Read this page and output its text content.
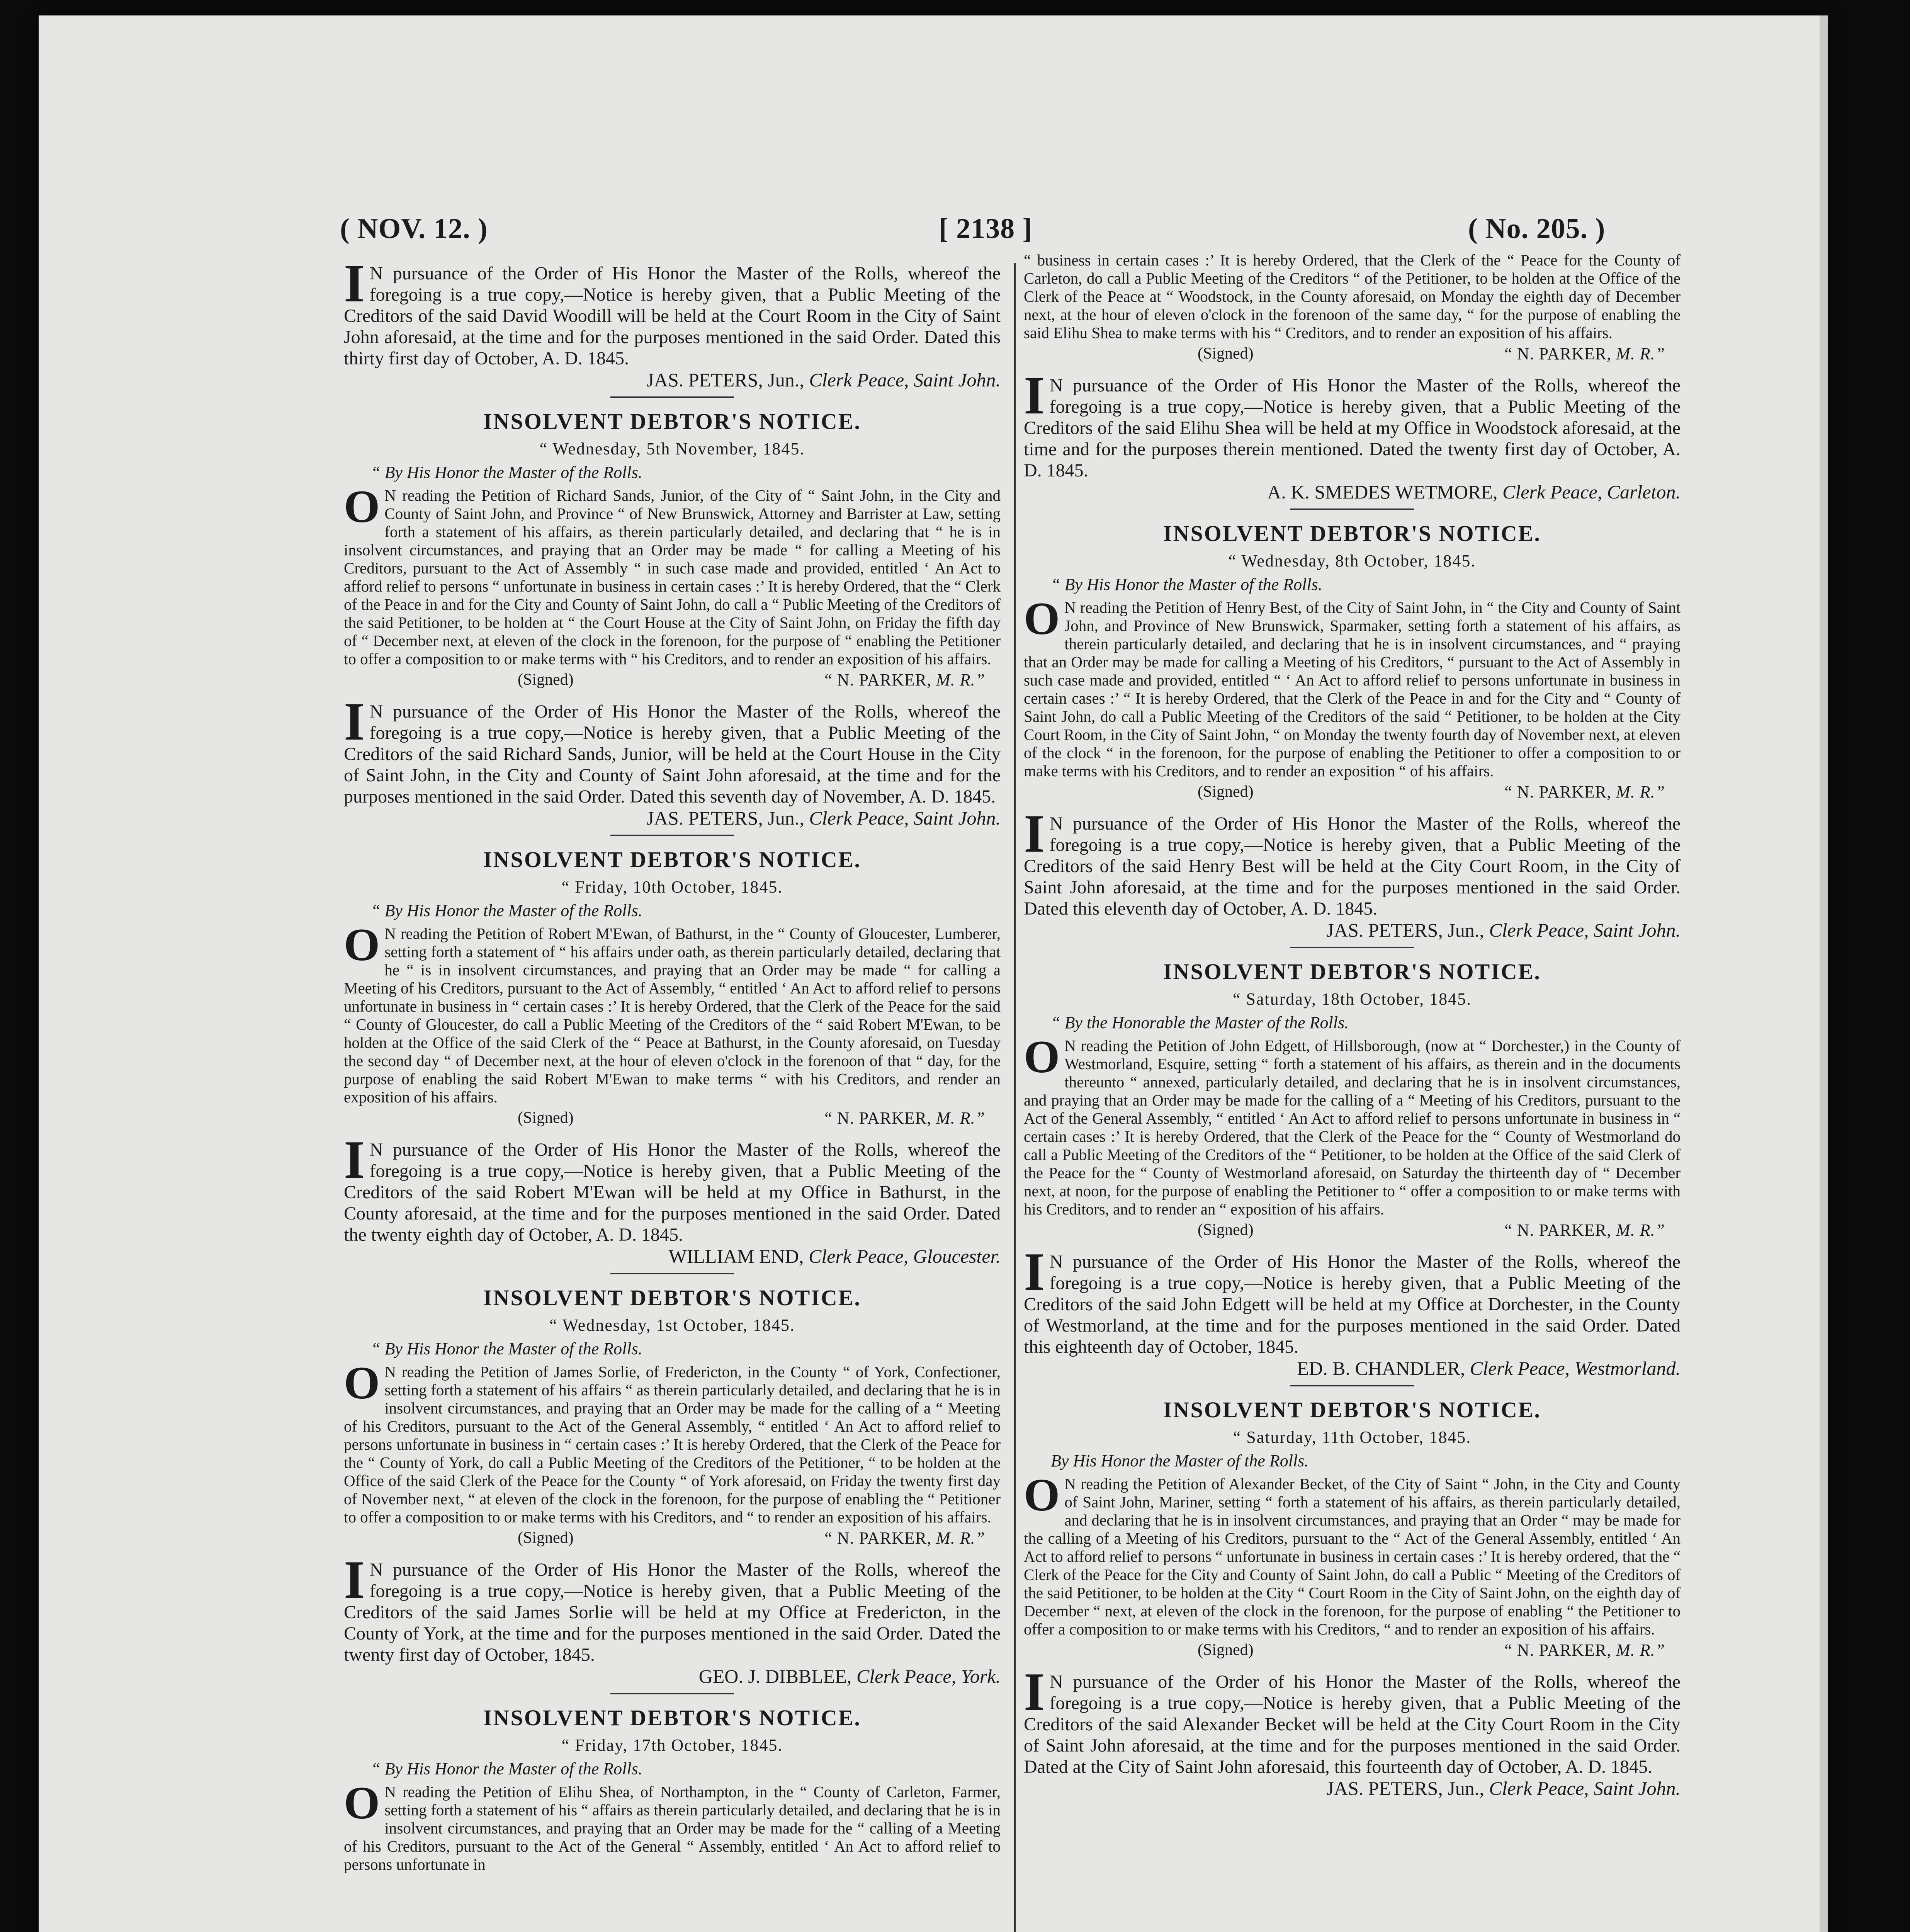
( NOV. 12. )	[ 2138 ]	( No. 205. )
IN pursuance of the Order of His Honor the Master of the Rolls, whereof the foregoing is a true copy,—Notice is hereby given, that a Public Meeting of the Creditors of the said David Woodill will be held at the Court Room in the City of Saint John aforesaid, at the time and for the purposes mentioned in the said Order. Dated this thirty first day of October, A. D. 1845.
JAS. PETERS, Jun., Clerk Peace, Saint John.
INSOLVENT DEBTOR'S NOTICE.
“ Wednesday, 5th November, 1845.
“ By His Honor the Master of the Rolls.
O N reading the Petition of Richard Sands, Junior, of the City of “ Saint John, in the City and County of Saint John, and Province “ of New Brunswick, Attorney and Barrister at Law, setting forth a statement of his affairs, as therein particularly detailed, and declaring that “ he is in insolvent circumstances, and praying that an Order may be made “ for calling a Meeting of his Creditors, pursuant to the Act of Assembly “ in such case made and provided, entitled ‘ An Act to afford relief to persons “ unfortunate in business in certain cases :’ It is hereby Ordered, that the “ Clerk of the Peace in and for the City and County of Saint John, do call a “ Public Meeting of the Creditors of the said Petitioner, to be holden at “ the Court House at the City of Saint John, on Friday the fifth day of “ December next, at eleven of the clock in the forenoon, for the purpose of “ enabling the Petitioner to offer a composition to or make terms with “ his Creditors, and to render an exposition of his affairs.
(Signed)	“ N. PARKER, M. R.”
IN pursuance of the Order of His Honor the Master of the Rolls, whereof the foregoing is a true copy,—Notice is hereby given, that a Public Meeting of the Creditors of the said Richard Sands, Junior, will be held at the Court House in the City of Saint John, in the City and County of Saint John aforesaid, at the time and for the purposes mentioned in the said Order. Dated this seventh day of November, A. D. 1845.
JAS. PETERS, Jun., Clerk Peace, Saint John.
INSOLVENT DEBTOR'S NOTICE.
“ Friday, 10th October, 1845.
“ By His Honor the Master of the Rolls.
O N reading the Petition of Robert M'Ewan, of Bathurst, in the “ County of Gloucester, Lumberer, setting forth a statement of “ his affairs under oath, as therein particularly detailed, declaring that he “ is in insolvent circumstances, and praying that an Order may be made “ for calling a Meeting of his Creditors, pursuant to the Act of Assembly, “ entitled ‘ An Act to afford relief to persons unfortunate in business in “ certain cases :’ It is hereby Ordered, that the Clerk of the Peace for the said “ County of Gloucester, do call a Public Meeting of the Creditors of the “ said Robert M'Ewan, to be holden at the Office of the said Clerk of the “ Peace at Bathurst, in the County aforesaid, on Tuesday the second day “ of December next, at the hour of eleven o'clock in the forenoon of that “ day, for the purpose of enabling the said Robert M'Ewan to make terms “ with his Creditors, and render an exposition of his affairs.
(Signed)	“ N. PARKER, M. R.”
IN pursuance of the Order of His Honor the Master of the Rolls, whereof the foregoing is a true copy,—Notice is hereby given, that a Public Meeting of the Creditors of the said Robert M'Ewan will be held at my Office in Bathurst, in the County aforesaid, at the time and for the purposes mentioned in the said Order. Dated the twenty eighth day of October, A. D. 1845.
WILLIAM END, Clerk Peace, Gloucester.
INSOLVENT DEBTOR'S NOTICE.
“ Wednesday, 1st October, 1845.
“ By His Honor the Master of the Rolls.
O N reading the Petition of James Sorlie, of Fredericton, in the County “ of York, Confectioner, setting forth a statement of his affairs “ as therein particularly detailed, and declaring that he is in insolvent circumstances, and praying that an Order may be made for the calling of a “ Meeting of his Creditors, pursuant to the Act of the General Assembly, “ entitled ‘ An Act to afford relief to persons unfortunate in business in “ certain cases :’ It is hereby Ordered, that the Clerk of the Peace for the “ County of York, do call a Public Meeting of the Creditors of the Petitioner, “ to be holden at the Office of the said Clerk of the Peace for the County “ of York aforesaid, on Friday the twenty first day of November next, “ at eleven of the clock in the forenoon, for the purpose of enabling the “ Petitioner to offer a composition to or make terms with his Creditors, and “ to render an exposition of his affairs.
(Signed)	“ N. PARKER, M. R.”
IN pursuance of the Order of His Honor the Master of the Rolls, whereof the foregoing is a true copy,—Notice is hereby given, that a Public Meeting of the Creditors of the said James Sorlie will be held at my Office at Fredericton, in the County of York, at the time and for the purposes mentioned in the said Order. Dated the twenty first day of October, 1845.
GEO. J. DIBBLEE, Clerk Peace, York.
INSOLVENT DEBTOR'S NOTICE.
“ Friday, 17th October, 1845.
“ By His Honor the Master of the Rolls.
O N reading the Petition of Elihu Shea, of Northampton, in the “ County of Carleton, Farmer, setting forth a statement of his “ affairs as therein particularly detailed, and declaring that he is in insolvent circumstances, and praying that an Order may be made for the “ calling of a Meeting of his Creditors, pursuant to the Act of the General “ Assembly, entitled ‘ An Act to afford relief to persons unfortunate in
“ business in certain cases :’ It is hereby Ordered, that the Clerk of the “ Peace for the County of Carleton, do call a Public Meeting of the Creditors “ of the Petitioner, to be holden at the Office of the Clerk of the Peace at “ Woodstock, in the County aforesaid, on Monday the eighth day of December next, at the hour of eleven o'clock in the forenoon of the same day, “ for the purpose of enabling the said Elihu Shea to make terms with his “ Creditors, and to render an exposition of his affairs.
(Signed)	“ N. PARKER, M. R.”
IN pursuance of the Order of His Honor the Master of the Rolls, whereof the foregoing is a true copy,—Notice is hereby given, that a Public Meeting of the Creditors of the said Elihu Shea will be held at my Office in Woodstock aforesaid, at the time and for the purposes therein mentioned. Dated the twenty first day of October, A. D. 1845.
A. K. SMEDES WETMORE, Clerk Peace, Carleton.
INSOLVENT DEBTOR'S NOTICE.
“ Wednesday, 8th October, 1845.
“ By His Honor the Master of the Rolls.
O N reading the Petition of Henry Best, of the City of Saint John, in “ the City and County of Saint John, and Province of New Brunswick, Sparmaker, setting forth a statement of his affairs, as therein particularly detailed, and declaring that he is in insolvent circumstances, and “ praying that an Order may be made for calling a Meeting of his Creditors, “ pursuant to the Act of Assembly in such case made and provided, entitled “ ‘ An Act to afford relief to persons unfortunate in business in certain cases :’ “ It is hereby Ordered, that the Clerk of the Peace in and for the City and “ County of Saint John, do call a Public Meeting of the Creditors of the said “ Petitioner, to be holden at the City Court Room, in the City of Saint John, “ on Monday the twenty fourth day of November next, at eleven of the clock “ in the forenoon, for the purpose of enabling the Petitioner to offer a composition to or make terms with his Creditors, and to render an exposition “ of his affairs.
(Signed)	“ N. PARKER, M. R.”
IN pursuance of the Order of His Honor the Master of the Rolls, whereof the foregoing is a true copy,—Notice is hereby given, that a Public Meeting of the Creditors of the said Henry Best will be held at the City Court Room, in the City of Saint John aforesaid, at the time and for the purposes mentioned in the said Order. Dated this eleventh day of October, A. D. 1845.
JAS. PETERS, Jun., Clerk Peace, Saint John.
INSOLVENT DEBTOR'S NOTICE.
“ Saturday, 18th October, 1845.
“ By the Honorable the Master of the Rolls.
O N reading the Petition of John Edgett, of Hillsborough, (now at “ Dorchester,) in the County of Westmorland, Esquire, setting “ forth a statement of his affairs, as therein and in the documents thereunto “ annexed, particularly detailed, and declaring that he is in insolvent circumstances, and praying that an Order may be made for the calling of a “ Meeting of his Creditors, pursuant to the Act of the General Assembly, “ entitled ‘ An Act to afford relief to persons unfortunate in business in “ certain cases :’ It is hereby Ordered, that the Clerk of the Peace for the “ County of Westmorland do call a Public Meeting of the Creditors of the “ Petitioner, to be holden at the Office of the said Clerk of the Peace for the “ County of Westmorland aforesaid, on Saturday the thirteenth day of “ December next, at noon, for the purpose of enabling the Petitioner to “ offer a composition to or make terms with his Creditors, and to render an “ exposition of his affairs.
(Signed)	“ N. PARKER, M. R.”
IN pursuance of the Order of His Honor the Master of the Rolls, whereof the foregoing is a true copy,—Notice is hereby given, that a Public Meeting of the Creditors of the said John Edgett will be held at my Office at Dorchester, in the County of Westmorland, at the time and for the purposes mentioned in the said Order. Dated this eighteenth day of October, 1845.
ED. B. CHANDLER, Clerk Peace, Westmorland.
INSOLVENT DEBTOR'S NOTICE.
“ Saturday, 11th October, 1845.
By His Honor the Master of the Rolls.
O N reading the Petition of Alexander Becket, of the City of Saint “ John, in the City and County of Saint John, Mariner, setting “ forth a statement of his affairs, as therein particularly detailed, and declaring that he is in insolvent circumstances, and praying that an Order “ may be made for the calling of a Meeting of his Creditors, pursuant to the “ Act of the General Assembly, entitled ‘ An Act to afford relief to persons “ unfortunate in business in certain cases :’ It is hereby ordered, that the “ Clerk of the Peace for the City and County of Saint John, do call a Public “ Meeting of the Creditors of the said Petitioner, to be holden at the City “ Court Room in the City of Saint John, on the eighth day of December “ next, at eleven of the clock in the forenoon, for the purpose of enabling “ the Petitioner to offer a composition to or make terms with his Creditors, “ and to render an exposition of his affairs.
(Signed)	“ N. PARKER, M. R.”
IN pursuance of the Order of his Honor the Master of the Rolls, whereof the foregoing is a true copy,—Notice is hereby given, that a Public Meeting of the Creditors of the said Alexander Becket will be held at the City Court Room in the City of Saint John aforesaid, at the time and for the purposes mentioned in the said Order. Dated at the City of Saint John aforesaid, this fourteenth day of October, A. D. 1845.
JAS. PETERS, Jun., Clerk Peace, Saint John.
